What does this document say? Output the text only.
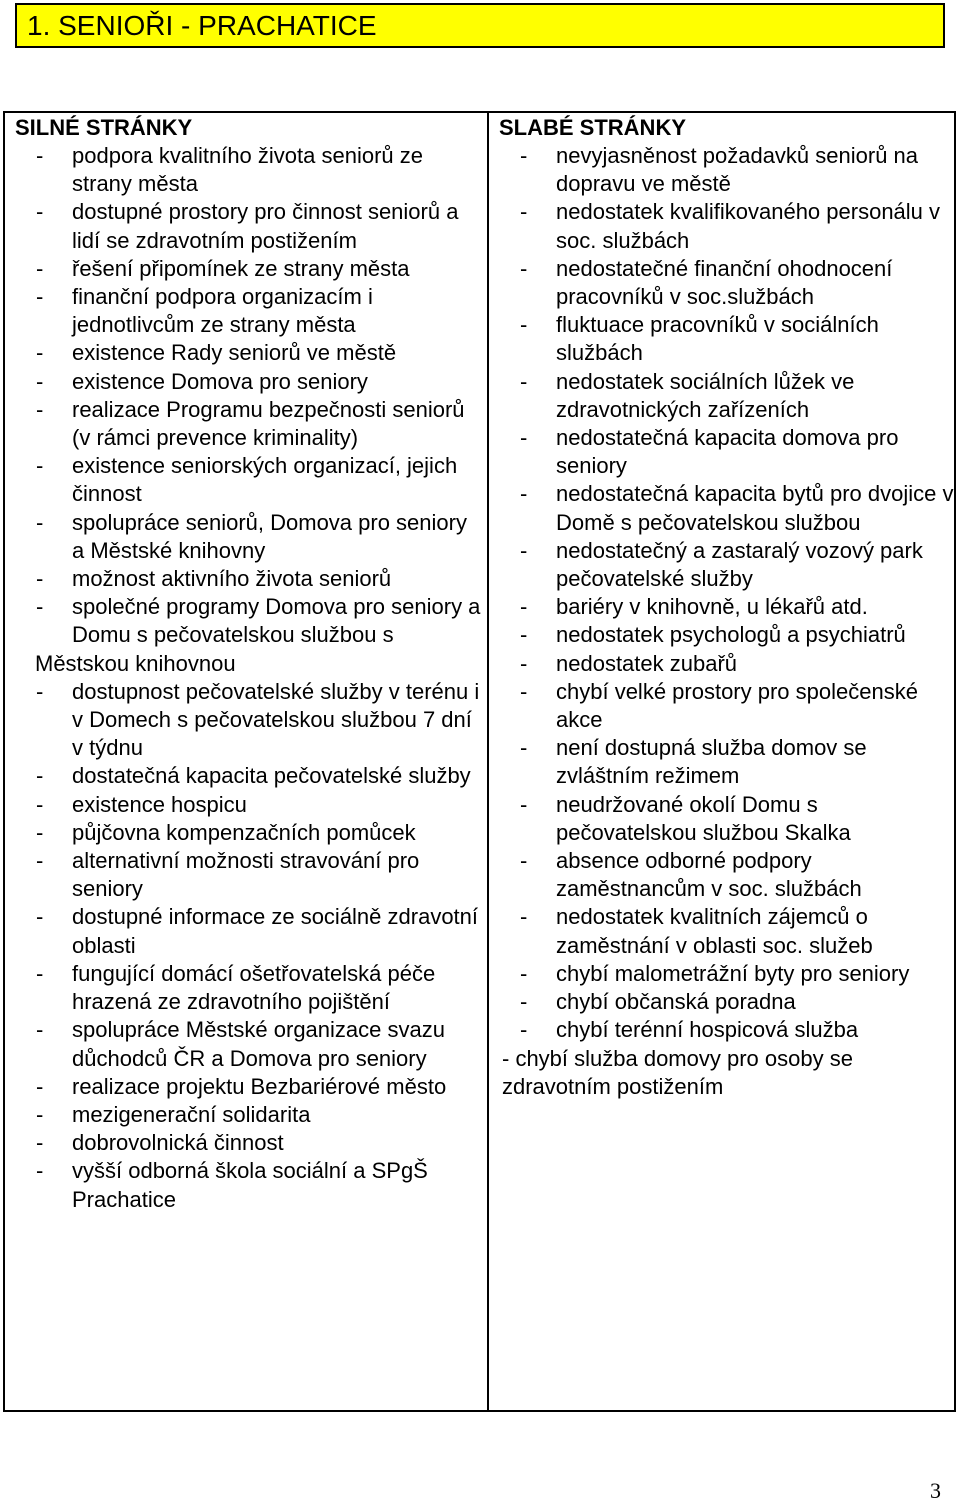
1. SENIOŘI - PRACHATICE
SILNÉ STRÁNKY
- podpora kvalitního života seniorů ze strany města
- dostupné prostory pro činnost seniorů a lidí se zdravotním postižením
- řešení připomínek ze strany města
- finanční podpora organizacím i jednotlivcům ze strany města
- existence Rady seniorů ve městě
- existence Domova pro seniory
- realizace Programu bezpečnosti seniorů (v rámci prevence kriminality)
- existence seniorských organizací, jejich činnost
- spolupráce seniorů, Domova pro seniory a Městské knihovny
- možnost aktivního života seniorů
- společné programy Domova pro seniory a Domu s pečovatelskou službou s
Městskou knihovnou
- dostupnost pečovatelské služby v terénu i v Domech s pečovatelskou službou 7 dní v týdnu
- dostatečná kapacita pečovatelské služby
- existence hospicu
- půjčovna kompenzačních pomůcek
- alternativní možnosti stravování pro seniory
- dostupné informace ze sociálně zdravotní oblasti
- fungující domácí ošetřovatelská péče hrazená ze zdravotního pojištění
- spolupráce Městské organizace svazu důchodců ČR a Domova pro seniory
- realizace projektu Bezbariérové město
- mezigenerační solidarita
- dobrovolnická činnost
- vyšší odborná škola sociální a SPgŠ Prachatice
SLABÉ STRÁNKY
- nevyjasněnost požadavků seniorů na dopravu ve městě
- nedostatek kvalifikovaného personálu v soc. službách
- nedostatečné finanční ohodnocení pracovníků v soc.službách
- fluktuace pracovníků v sociálních službách
- nedostatek sociálních lůžek ve zdravotnických zařízeních
- nedostatečná kapacita domova pro seniory
- nedostatečná kapacita bytů pro dvojice v Domě s pečovatelskou službou
- nedostatečný a zastaralý vozový park pečovatelské služby
- bariéry v knihovně, u lékařů atd.
- nedostatek psychologů a psychiatrů
- nedostatek zubařů
- chybí velké prostory pro společenské akce
- není dostupná služba domov se zvláštním režimem
- neudržované okolí Domu s pečovatelskou službou Skalka
- absence odborné podpory zaměstnancům v soc. službách
- nedostatek kvalitních zájemců o zaměstnání v oblasti soc. služeb
- chybí malometrážní byty pro seniory
- chybí občanská poradna
- chybí terénní hospicová služba
- chybí služba domovy pro osoby se zdravotním postižením
3
